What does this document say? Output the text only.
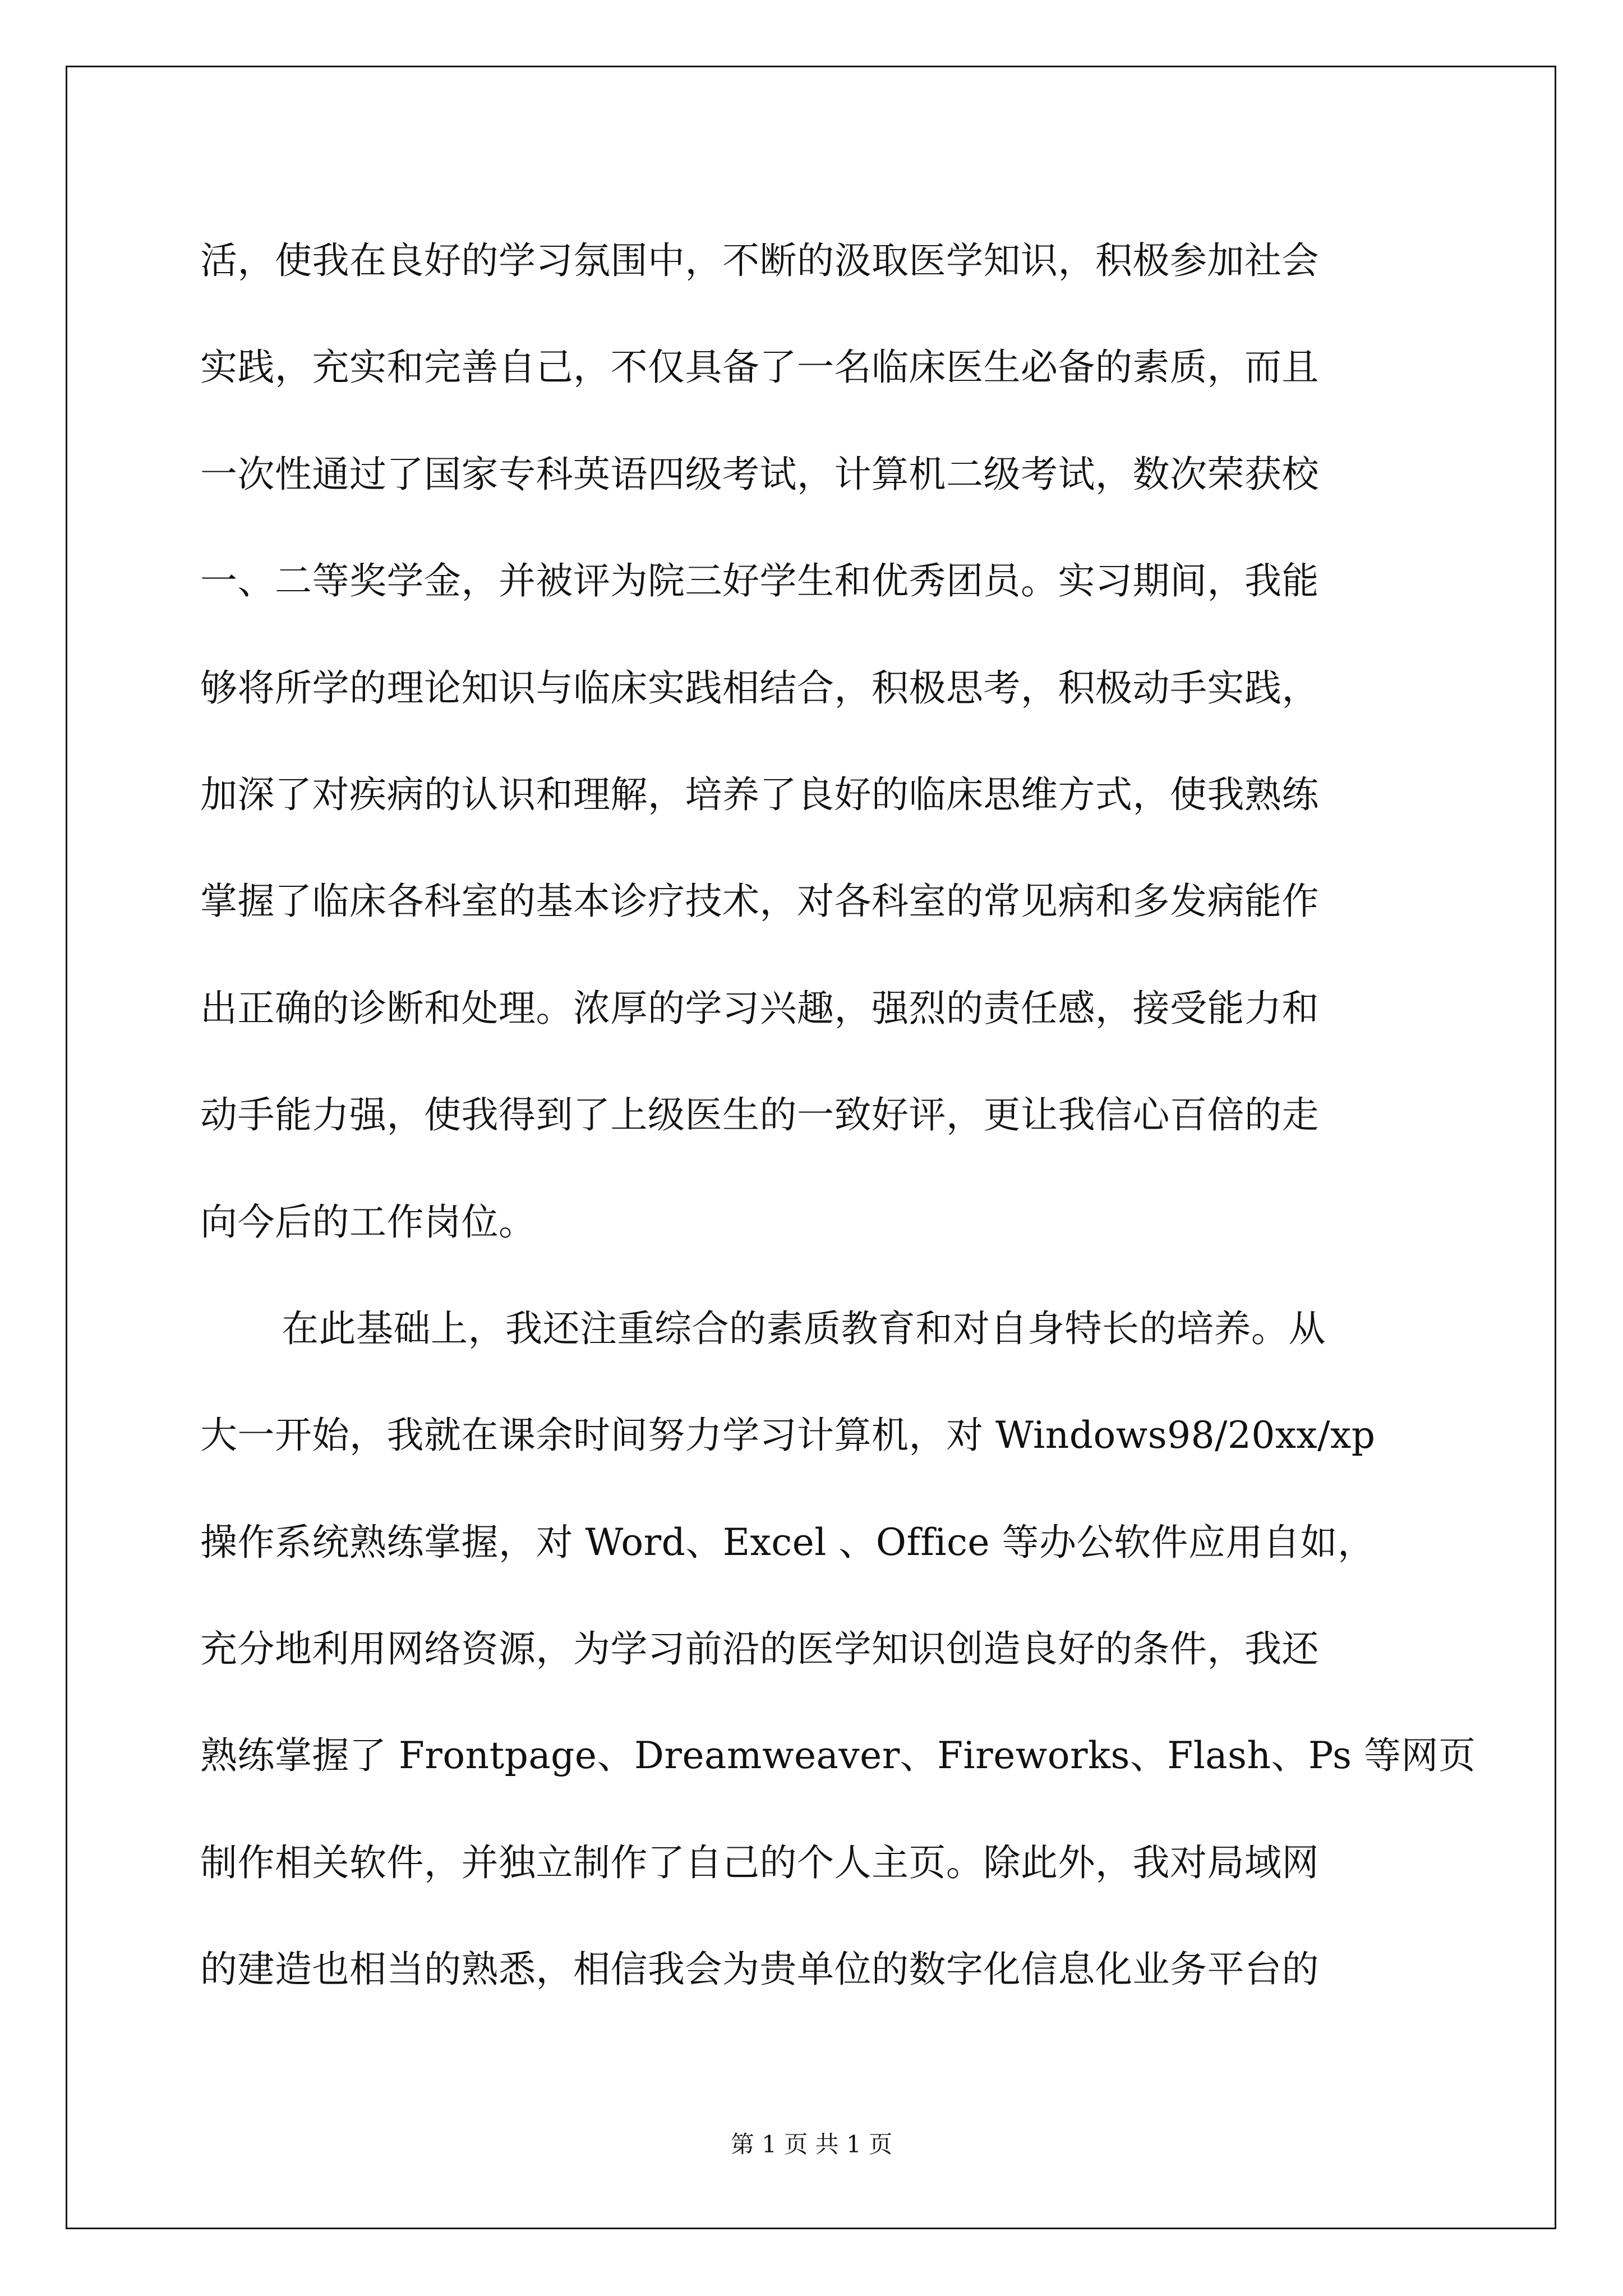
活，使我在良好的学习氛围中，不断的汲取医学知识，积极参加社会
实践，充实和完善自己，不仅具备了一名临床医生必备的素质，而且
一次性通过了国家专科英语四级考试，计算机二级考试，数次荣获校
一、二等奖学金，并被评为院三好学生和优秀团员。实习期间，我能
够将所学的理论知识与临床实践相结合，积极思考，积极动手实践，
加深了对疾病的认识和理解，培养了良好的临床思维方式，使我熟练
掌握了临床各科室的基本诊疗技术，对各科室的常见病和多发病能作
出正确的诊断和处理。浓厚的学习兴趣，强烈的责任感，接受能力和
动手能力强，使我得到了上级医生的一致好评，更让我信心百倍的走
向今后的工作岗位。
在此基础上，我还注重综合的素质教育和对自身特长的培养。从
大一开始，我就在课余时间努力学习计算机，对 Windows98/20xx/xp
操作系统熟练掌握，对 Word、Excel 、Office 等办公软件应用自如，
充分地利用网络资源，为学习前沿的医学知识创造良好的条件，我还
熟练掌握了 Frontpage、Dreamweaver、Fireworks、Flash、Ps 等网页
制作相关软件，并独立制作了自己的个人主页。除此外，我对局域网
的建造也相当的熟悉，相信我会为贵单位的数字化信息化业务平台的
第 1 页 共 1 页
